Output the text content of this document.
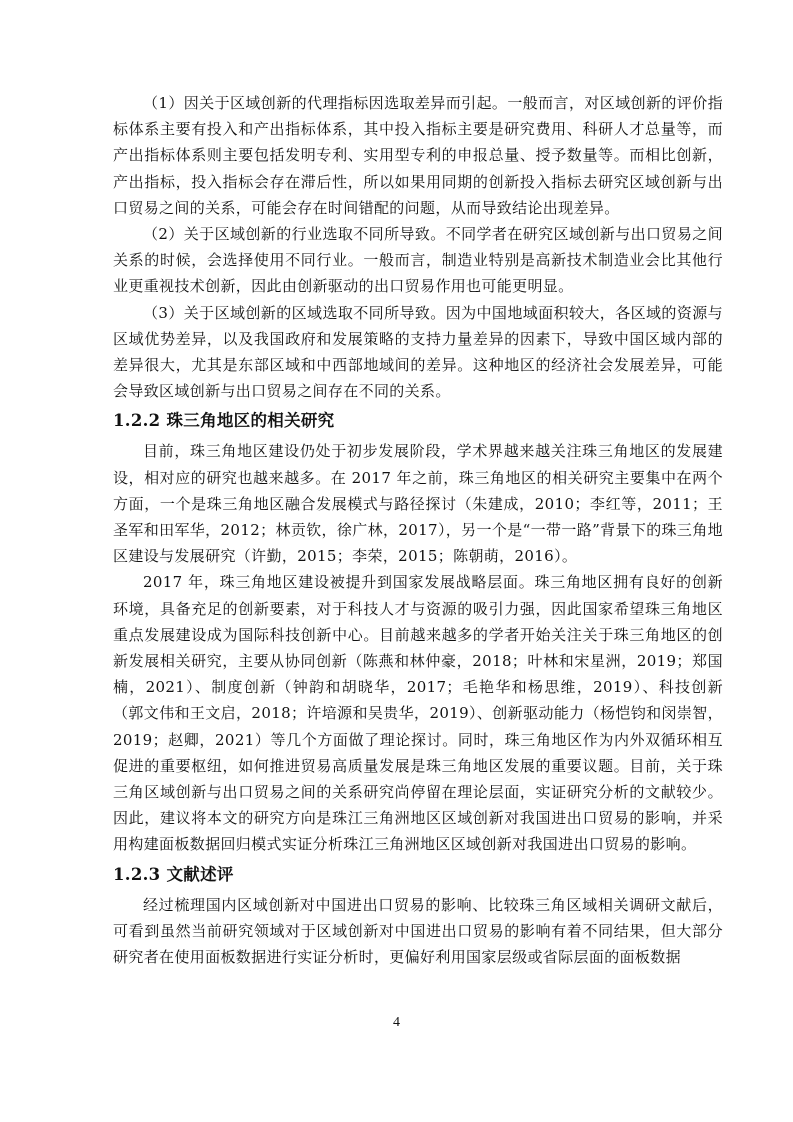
（1）因关于区域创新的代理指标因选取差异而引起。一般而言，对区域创新的评价指标体系主要有投入和产出指标体系，其中投入指标主要是研究费用、科研人才总量等，而产出指标体系则主要包括发明专利、实用型专利的申报总量、授予数量等。而相比创新，产出指标，投入指标会存在滞后性，所以如果用同期的创新投入指标去研究区域创新与出口贸易之间的关系，可能会存在时间错配的问题，从而导致结论出现差异。

（2）关于区域创新的行业选取不同所导致。不同学者在研究区域创新与出口贸易之间关系的时候，会选择使用不同行业。一般而言，制造业特别是高新技术制造业会比其他行业更重视技术创新，因此由创新驱动的出口贸易作用也可能更明显。

（3）关于区域创新的区域选取不同所导致。因为中国地域面积较大，各区域的资源与区域优势差异，以及我国政府和发展策略的支持力量差异的因素下，导致中国区域内部的差异很大，尤其是东部区域和中西部地域间的差异。这种地区的经济社会发展差异，可能会导致区域创新与出口贸易之间存在不同的关系。

1.2.2 珠三角地区的相关研究

目前，珠三角地区建设仍处于初步发展阶段，学术界越来越关注珠三角地区的发展建设，相对应的研究也越来越多。在 2017 年之前，珠三角地区的相关研究主要集中在两个方面，一个是珠三角地区融合发展模式与路径探讨（朱建成，2010；李红等，2011；王圣军和田军华，2012；林贡钦，徐广林，2017），另一个是“一带一路”背景下的珠三角地区建设与发展研究（许勤，2015；李荣，2015；陈朝萌，2016）。

2017 年，珠三角地区建设被提升到国家发展战略层面。珠三角地区拥有良好的创新环境，具备充足的创新要素，对于科技人才与资源的吸引力强，因此国家希望珠三角地区重点发展建设成为国际科技创新中心。目前越来越多的学者开始关注关于珠三角地区的创新发展相关研究，主要从协同创新（陈燕和林仲豪，2018；叶林和宋星洲，2019；郑国楠，2021）、制度创新（钟韵和胡晓华，2017；毛艳华和杨思维，2019）、科技创新（郭文伟和王文启，2018；许培源和吴贵华，2019）、创新驱动能力（杨恺钧和闵崇智，2019；赵卿，2021）等几个方面做了理论探讨。同时，珠三角地区作为内外双循环相互促进的重要枢纽，如何推进贸易高质量发展是珠三角地区发展的重要议题。目前，关于珠三角区域创新与出口贸易之间的关系研究尚停留在理论层面，实证研究分析的文献较少。因此，建议将本文的研究方向是珠江三角洲地区区域创新对我国进出口贸易的影响，并采用构建面板数据回归模式实证分析珠江三角洲地区区域创新对我国进出口贸易的影响。

1.2.3 文献述评

经过梳理国内区域创新对中国进出口贸易的影响、比较珠三角区域相关调研文献后，可看到虽然当前研究领域对于区域创新对中国进出口贸易的影响有着不同结果，但大部分研究者在使用面板数据进行实证分析时，更偏好利用国家层级或省际层面的面板数据

4
